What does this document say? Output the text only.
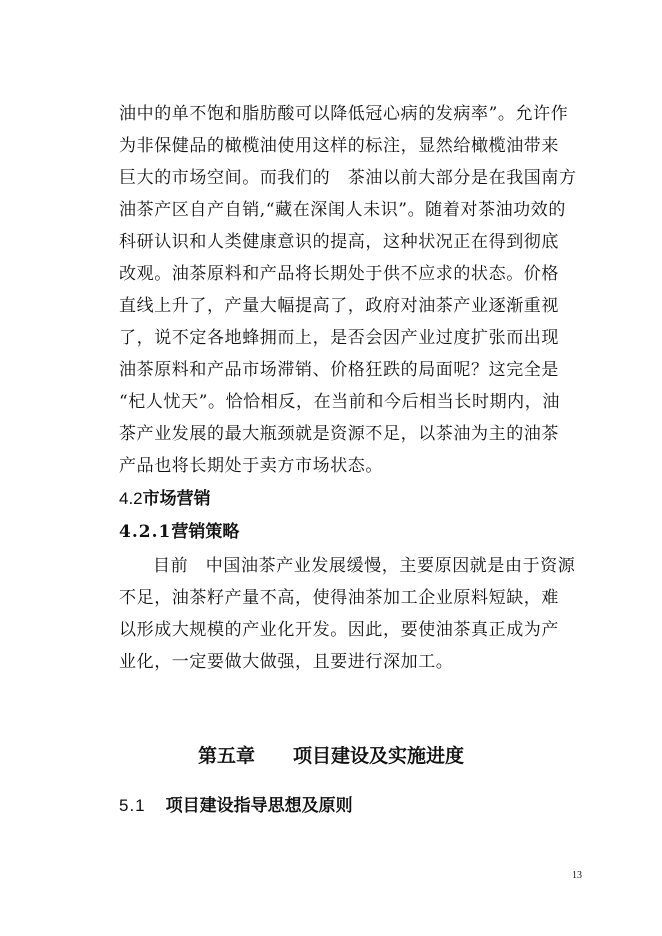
油中的单不饱和脂肪酸可以降低冠心病的发病率”。允许作
为非保健品的橄榄油使用这样的标注，显然给橄榄油带来
巨大的市场空间。而我们的　茶油以前大部分是在我国南方
油茶产区自产自销,“藏在深闺人未识”。随着对茶油功效的
科研认识和人类健康意识的提高，这种状况正在得到彻底
改观。油茶原料和产品将长期处于供不应求的状态。价格
直线上升了，产量大幅提高了，政府对油茶产业逐渐重视
了，说不定各地蜂拥而上，是否会因产业过度扩张而出现
油茶原料和产品市场滞销、价格狂跌的局面呢？这完全是
“杞人忧天”。恰恰相反，在当前和今后相当长时期内，油
茶产业发展的最大瓶颈就是资源不足，以茶油为主的油茶
产品也将长期处于卖方市场状态。
4.2市场营销
4.2.1营销策略
目前　中国油茶产业发展缓慢，主要原因就是由于资源
不足，油茶籽产量不高，使得油茶加工企业原料短缺，难
以形成大规模的产业化开发。因此，要使油茶真正成为产
业化，一定要做大做强，且要进行深加工。
第五章　　项目建设及实施进度
5.1 项目建设指导思想及原则
13
